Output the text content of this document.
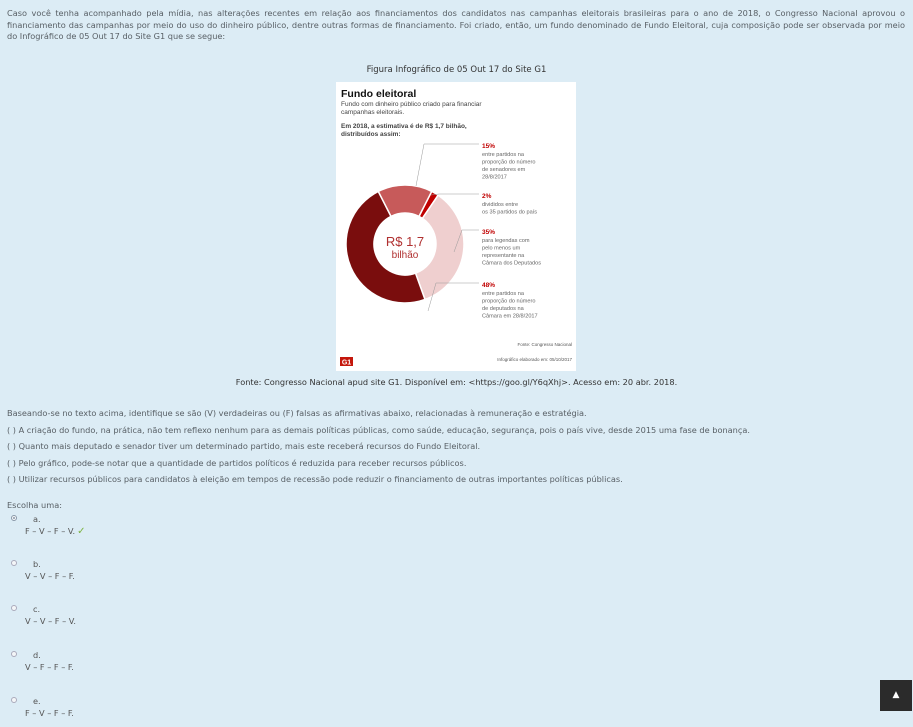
Caso você tenha acompanhado pela mídia, nas alterações recentes em relação aos financiamentos dos candidatos nas campanhas eleitorais brasileiras para o ano de 2018, o Congresso Nacional aprovou o financiamento das campanhas por meio do uso do dinheiro público, dentre outras formas de financiamento. Foi criado, então, um fundo denominado de Fundo Eleitoral, cuja composição pode ser observada por meio do Infográfico de 05 Out 17 do Site G1 que se segue:
Figura Infográfico de 05 Out 17 do Site G1
Fundo eleitoral
Fundo com dinheiro público criado para financiar
campanhas eleitorais.
Em 2018, a estimativa é de R$ 1,7 bilhão,
distribuídos assim:
R$ 1,7
bilhão
15%
entre partidos na
proporção do número
de senadores em
28/8/2017
2%
divididos entre
os 35 partidos do país
35%
para legendas com
pelo menos um
representante na
Câmara dos Deputados
48%
entre partidos na
proporção do número
de deputados na
Câmara em 28/8/2017
Fonte: Congresso Nacional
Infográfico elaborado em: 05/10/2017
G1
Fonte: Congresso Nacional apud site G1. Disponível em: <https://goo.gl/Y6qXhj>. Acesso em: 20 abr. 2018.
Baseando-se no texto acima, identifique se são (V) verdadeiras ou (F) falsas as afirmativas abaixo, relacionadas à remuneração e estratégia.
( ) A criação do fundo, na prática, não tem reflexo nenhum para as demais políticas públicas, como saúde, educação, segurança, pois o país vive, desde 2015 uma fase de bonança.
( ) Quanto mais deputado e senador tiver um determinado partido, mais este receberá recursos do Fundo Eleitoral.
( ) Pelo gráfico, pode-se notar que a quantidade de partidos políticos é reduzida para receber recursos públicos.
( ) Utilizar recursos públicos para candidatos à eleição em tempos de recessão pode reduzir o financiamento de outras importantes políticas públicas.
Escolha uma:
a.
F – V – F – V. ✓
b.
V – V – F – F.
c.
V – V – F – V.
d.
V – F – F – F.
e.
F – V – F – F.
▲
